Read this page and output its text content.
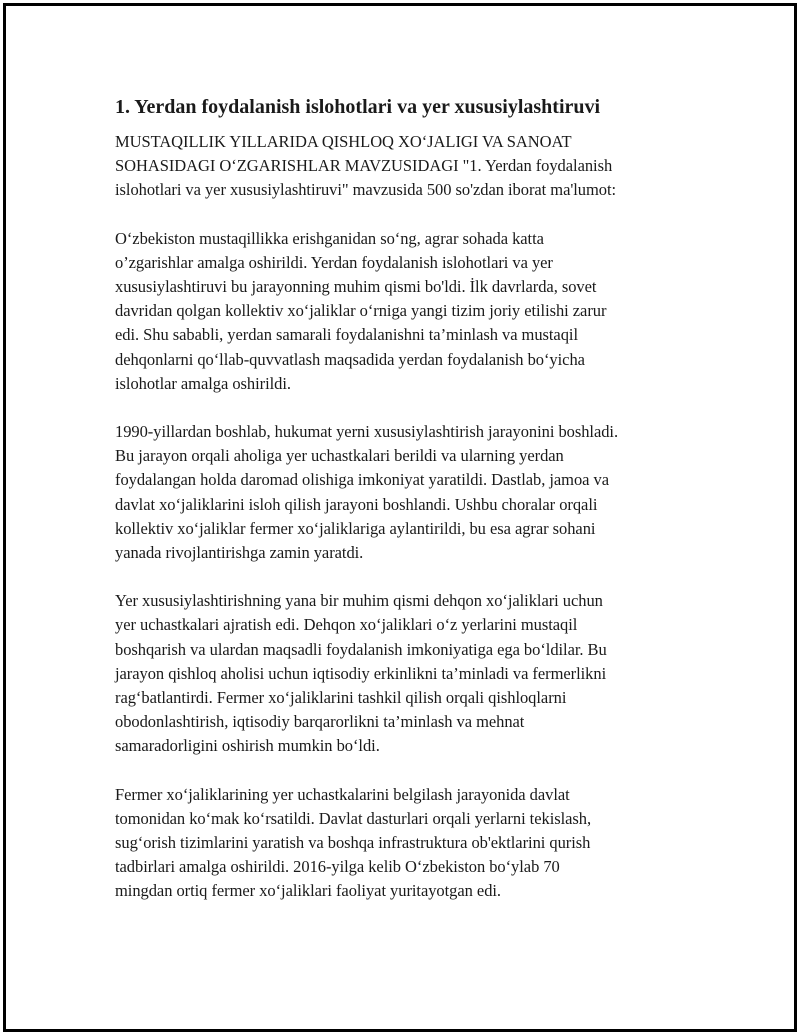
1. Yerdan foydalanish islohotlari va yer xususiylashtiruvi

MUSTAQILLIK YILLARIDA QISHLOQ XO‘JALIGI VA SANOAT
SOHASIDAGI O‘ZGARISHLAR MAVZUSIDAGI "1. Yerdan foydalanish
islohotlari va yer xususiylashtiruvi" mavzusida 500 so'zdan iborat ma'lumot:

O‘zbekiston mustaqillikka erishganidan so‘ng, agrar sohada katta
o’zgarishlar amalga oshirildi. Yerdan foydalanish islohotlari va yer
xususiylashtiruvi bu jarayonning muhim qismi bo'ldi. İlk davrlarda, sovet
davridan qolgan kollektiv xo‘jaliklar o‘rniga yangi tizim joriy etilishi zarur
edi. Shu sababli, yerdan samarali foydalanishni ta’minlash va mustaqil
dehqonlarni qo‘llab-quvvatlash maqsadida yerdan foydalanish bo‘yicha
islohotlar amalga oshirildi.

1990-yillardan boshlab, hukumat yerni xususiylashtirish jarayonini boshladi.
Bu jarayon orqali aholiga yer uchastkalari berildi va ularning yerdan
foydalangan holda daromad olishiga imkoniyat yaratildi. Dastlab, jamoa va
davlat xo‘jaliklarini isloh qilish jarayoni boshlandi. Ushbu choralar orqali
kollektiv xo‘jaliklar fermer xo‘jaliklariga aylantirildi, bu esa agrar sohani
yanada rivojlantirishga zamin yaratdi.

Yer xususiylashtirishning yana bir muhim qismi dehqon xo‘jaliklari uchun
yer uchastkalari ajratish edi. Dehqon xo‘jaliklari o‘z yerlarini mustaqil
boshqarish va ulardan maqsadli foydalanish imkoniyatiga ega bo‘ldilar. Bu
jarayon qishloq aholisi uchun iqtisodiy erkinlikni ta’minladi va fermerlikni
rag‘batlantirdi. Fermer xo‘jaliklarini tashkil qilish orqali qishloqlarni
obodonlashtirish, iqtisodiy barqarorlikni ta’minlash va mehnat
samaradorligini oshirish mumkin bo‘ldi.

Fermer xo‘jaliklarining yer uchastkalarini belgilash jarayonida davlat
tomonidan ko‘mak ko‘rsatildi. Davlat dasturlari orqali yerlarni tekislash,
sug‘orish tizimlarini yaratish va boshqa infrastruktura ob'ektlarini qurish
tadbirlari amalga oshirildi. 2016-yilga kelib O‘zbekiston bo‘ylab 70
mingdan ortiq fermer xo‘jaliklari faoliyat yuritayotgan edi.
